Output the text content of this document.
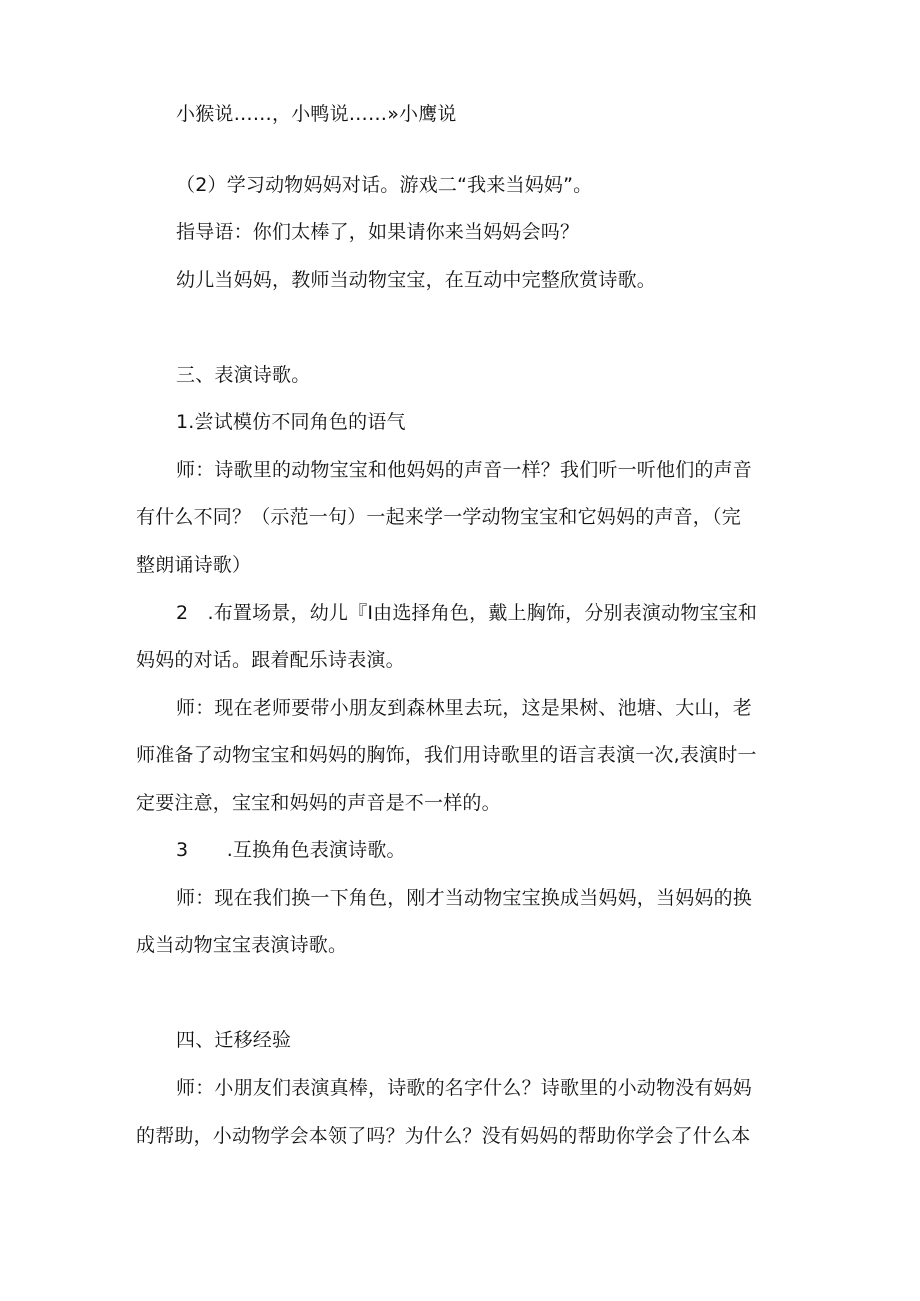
小猴说……，小鸭说……»小鹰说
（2）学习动物妈妈对话。游戏二“我来当妈妈”。
指导语：你们太棒了，如果请你来当妈妈会吗？
幼儿当妈妈，教师当动物宝宝，在互动中完整欣赏诗歌。
三、表演诗歌。
1.尝试模仿不同角色的语气
师：诗歌里的动物宝宝和他妈妈的声音一样？我们听一听他们的声音
有什么不同？（示范一句）一起来学一学动物宝宝和它妈妈的声音，（完
整朗诵诗歌）
2　.布置场景，幼儿『I由选择角色，戴上胸饰，分别表演动物宝宝和
妈妈的对话。跟着配乐诗表演。
师：现在老师要带小朋友到森林里去玩，这是果树、池塘、大山，老
师准备了动物宝宝和妈妈的胸饰，我们用诗歌里的语言表演一次,表演时一
定要注意，宝宝和妈妈的声音是不一样的。
3　　.互换角色表演诗歌。
师：现在我们换一下角色，刚才当动物宝宝换成当妈妈，当妈妈的换
成当动物宝宝表演诗歌。
四、迁移经验
师：小朋友们表演真棒，诗歌的名字什么？诗歌里的小动物没有妈妈
的帮助，小动物学会本领了吗？为什么？没有妈妈的帮助你学会了什么本
